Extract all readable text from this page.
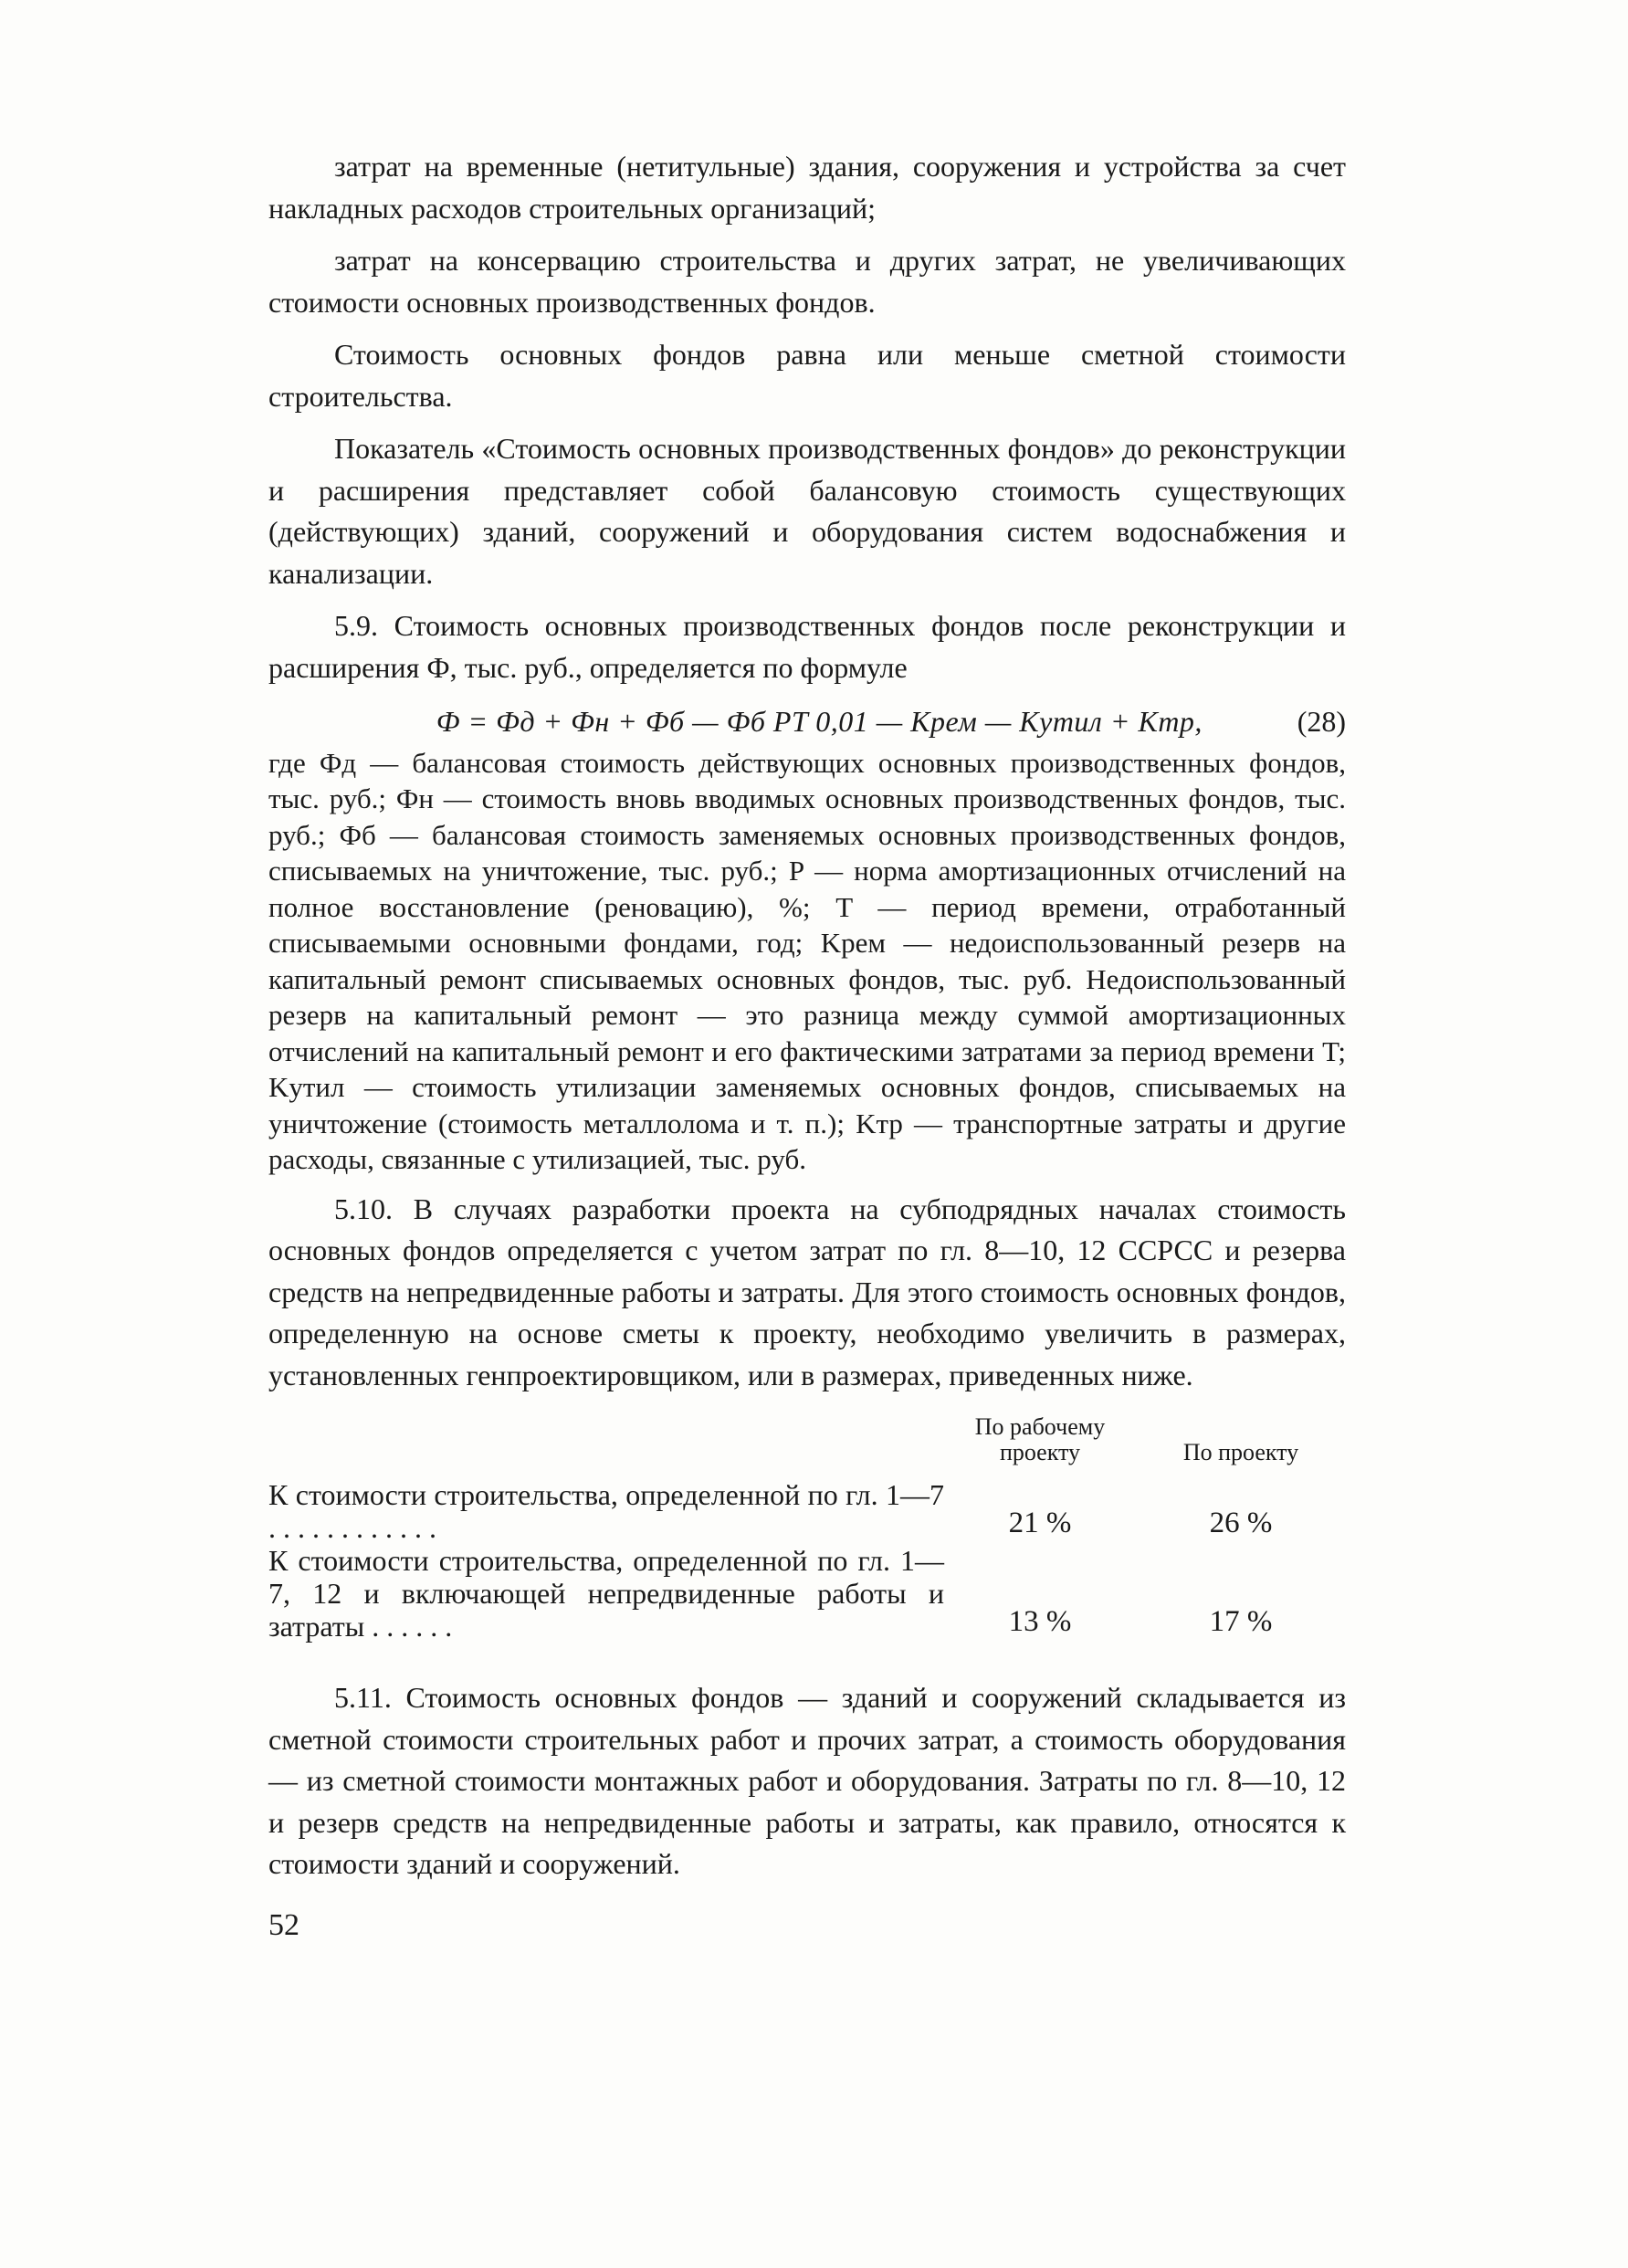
затрат на временные (нетитульные) здания, сооружения и устройства за счет накладных расходов строительных организаций;

затрат на консервацию строительства и других затрат, не увеличивающих стоимости основных производственных фондов.

Стоимость основных фондов равна или меньше сметной стоимости строительства.

Показатель «Стоимость основных производственных фондов» до реконструкции и расширения представляет собой балансовую стоимость существующих (действующих) зданий, сооружений и оборудования систем водоснабжения и канализации.

5.9. Стоимость основных производственных фондов после реконструкции и расширения Ф, тыс. руб., определяется по формуле

Ф = Фд + Фн + Фб — Фб PT 0,01 — Kрем — Kутил + Kтр,	(28)

где Фд — балансовая стоимость действующих основных производственных фондов, тыс. руб.; Фн — стоимость вновь вводимых основных производственных фондов, тыс. руб.; Фб — балансовая стоимость заменяемых основных производственных фондов, списываемых на уничтожение, тыс. руб.; P — норма амортизационных отчислений на полное восстановление (реновацию), %; T — период времени, отработанный списываемыми основными фондами, год; Kрем — недоиспользованный резерв на капитальный ремонт списываемых основных фондов, тыс. руб. Недоиспользованный резерв на капитальный ремонт — это разница между суммой амортизационных отчислений на капитальный ремонт и его фактическими затратами за период времени T; Kутил — стоимость утилизации заменяемых основных фондов, списываемых на уничтожение (стоимость металлолома и т. п.); Kтр — транспортные затраты и другие расходы, связанные с утилизацией, тыс. руб.

5.10. В случаях разработки проекта на субподрядных началах стоимость основных фондов определяется с учетом затрат по гл. 8—10, 12 ССРСС и резерва средств на непредвиденные работы и затраты. Для этого стоимость основных фондов, определенную на основе сметы к проекту, необходимо увеличить в размерах, установленных генпроектировщиком, или в размерах, приведенных ниже.

	По рабочему проекту	По проекту
К стоимости строительства, определенной по гл. 1—7 . . . . . . . . . . . .	21 %	26 %
К стоимости строительства, определенной по гл. 1—7, 12 и включающей непредвиденные работы и затраты . . . . . .	13 %	17 %

5.11. Стоимость основных фондов — зданий и сооружений складывается из сметной стоимости строительных работ и прочих затрат, а стоимость оборудования — из сметной стоимости монтажных работ и оборудования. Затраты по гл. 8—10, 12 и резерв средств на непредвиденные работы и затраты, как правило, относятся к стоимости зданий и сооружений.

52
